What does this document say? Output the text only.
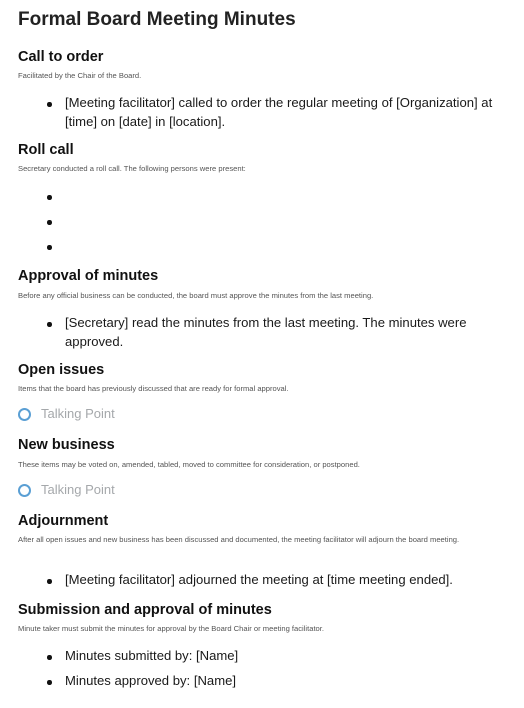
Formal Board Meeting Minutes
Call to order
Facilitated by the Chair of the Board.
[Meeting facilitator] called to order the regular meeting of [Organization] at [time] on [date] in [location].
Roll call
Secretary conducted a roll call. The following persons were present:
Approval of minutes
Before any official business can be conducted, the board must approve the minutes from the last meeting.
[Secretary] read the minutes from the last meeting. The minutes were approved.
Open issues
Items that the board has previously discussed that are ready for formal approval.
Talking Point
New business
These items may be voted on, amended, tabled, moved to committee for consideration, or postponed.
Talking Point
Adjournment
After all open issues and new business has been discussed and documented, the meeting facilitator will adjourn the board meeting.
[Meeting facilitator] adjourned the meeting at [time meeting ended].
Submission and approval of minutes
Minute taker must submit the minutes for approval by the Board Chair or meeting facilitator.
Minutes submitted by: [Name]
Minutes approved by: [Name]
